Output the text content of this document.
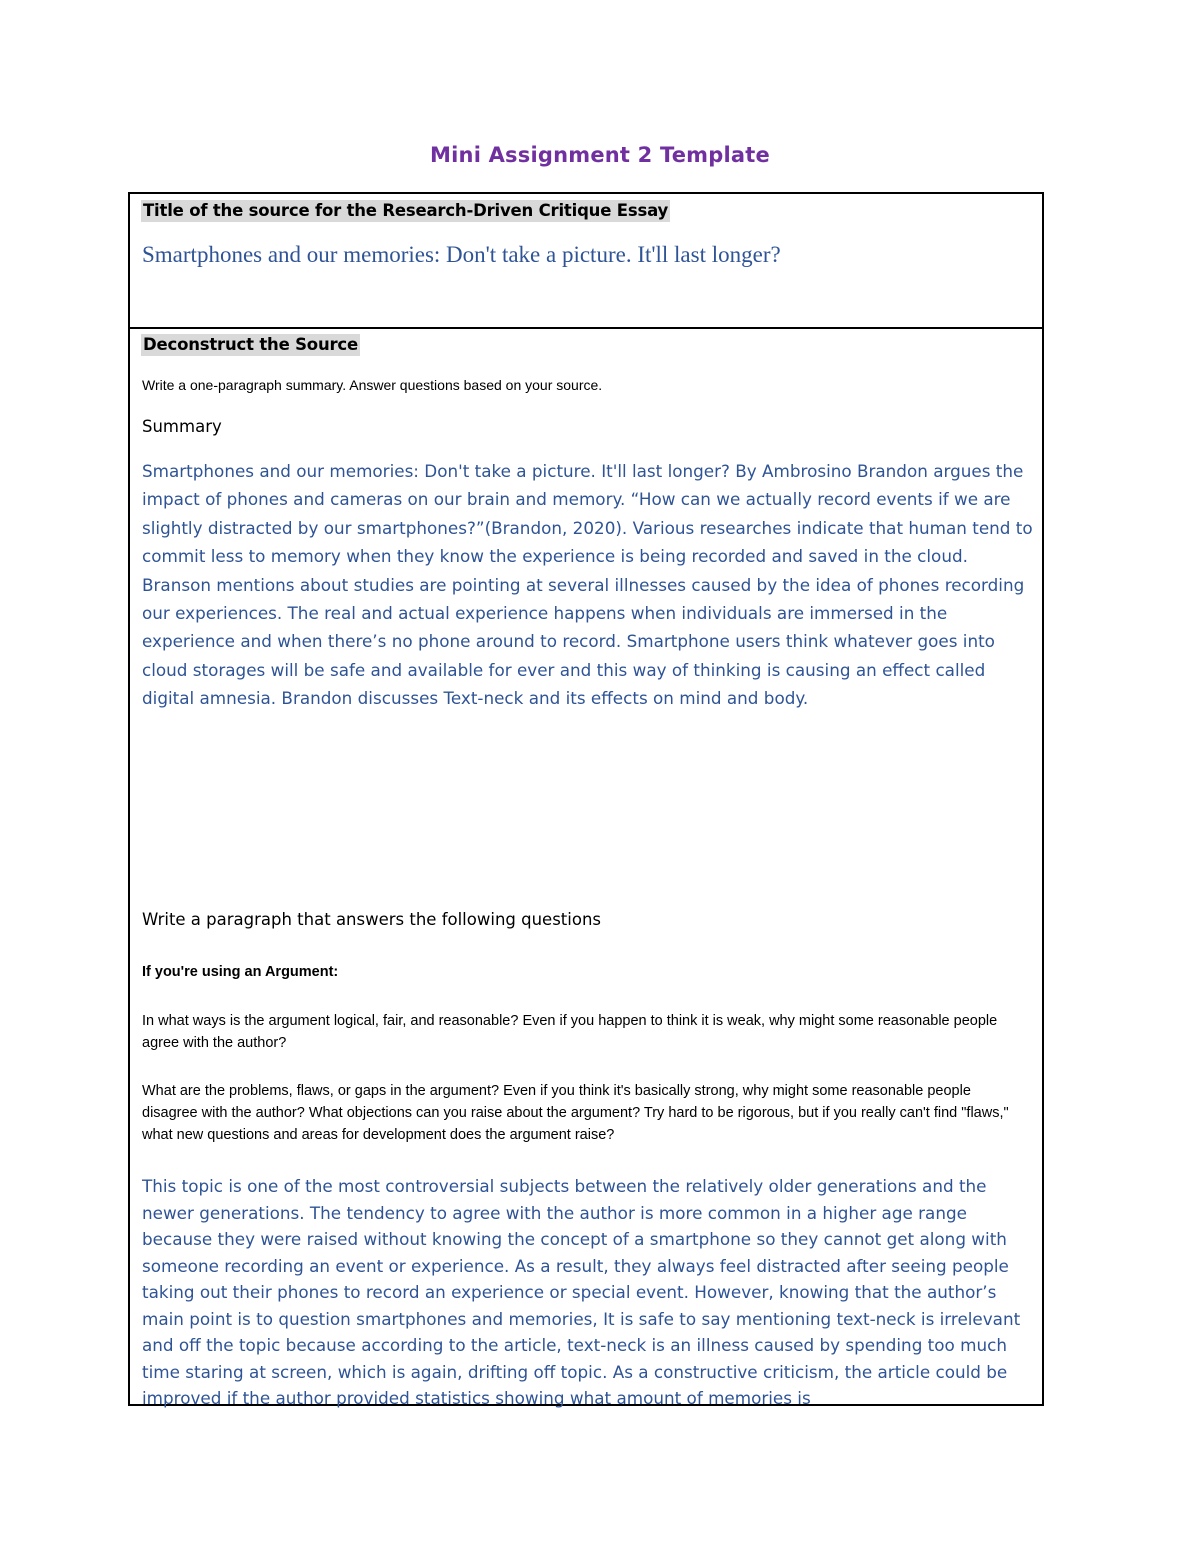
Mini Assignment 2 Template
Title of the source for the Research-Driven Critique Essay
Smartphones and our memories: Don't take a picture. It'll last longer?
Deconstruct the Source
Write a one-paragraph summary. Answer questions based on your source.
Summary

Smartphones and our memories: Don't take a picture. It'll last longer? By Ambrosino Brandon argues the impact of phones and cameras on our brain and memory. “How can we actually record events if we are slightly distracted by our smartphones?”(Brandon, 2020). Various researches indicate that human tend to commit less to memory when they know the experience is being recorded and saved in the cloud. Branson mentions about studies are pointing at several illnesses caused by the idea of phones recording our experiences. The real and actual experience happens when individuals are immersed in the experience and when there’s no phone around to record. Smartphone users think whatever goes into cloud storages will be safe and available for ever and this way of thinking is causing an effect called digital amnesia. Brandon discusses Text-neck and its effects on mind and body.

Write a paragraph that answers the following questions
If you're using an Argument:

In what ways is the argument logical, fair, and reasonable? Even if you happen to think it is weak, why might some reasonable people agree with the author?

What are the problems, flaws, or gaps in the argument? Even if you think it's basically strong, why might some reasonable people disagree with the author? What objections can you raise about the argument? Try hard to be rigorous, but if you really can't find "flaws," what new questions and areas for development does the argument raise?

This topic is one of the most controversial subjects between the relatively older generations and the newer generations. The tendency to agree with the author is more common in a higher age range because they were raised without knowing the concept of a smartphone so they cannot get along with someone recording an event or experience. As a result, they always feel distracted after seeing people taking out their phones to record an experience or special event. However, knowing that the author’s main point is to question smartphones and memories, It is safe to say mentioning text-neck is irrelevant and off the topic because according to the article, text-neck is an illness caused by spending too much time staring at screen, which is again, drifting off topic. As a constructive criticism, the article could be improved if the author provided statistics showing what amount of memories is
